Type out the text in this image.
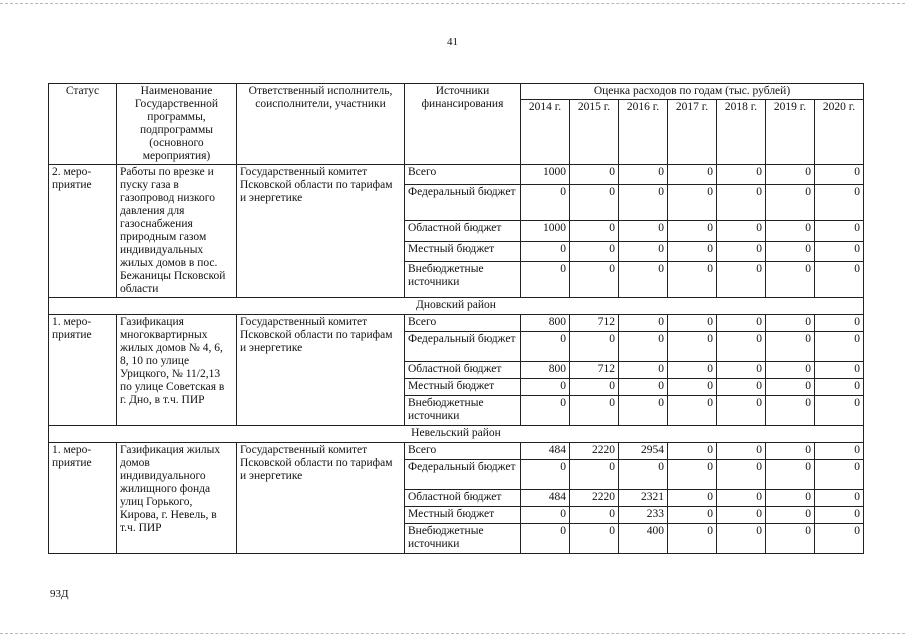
41
Статус	Наименование Государственной программы, подпрограммы (основного мероприятия)	Ответственный исполнитель, соисполнители, участники	Источники финансирования	Оценка расходов по годам (тыс. рублей)						
				2014 г.	2015 г.	2016 г.	2017 г.	2018 г.	2019 г.	2020 г.
2. меро-приятие	Работы по врезке и пуску газа в газопровод низкого давления для газоснабжения природным газом индивидуальных жилых домов в пос. Бежаницы Псковской области	Государственный комитет Псковской области по тарифам и энергетике	Всего	1000	0	0	0	0	0	0
			Федеральный бюджет	0	0	0	0	0	0	0
			Областной бюджет	1000	0	0	0	0	0	0
			Местный бюджет	0	0	0	0	0	0	0
			Внебюджетные источники	0	0	0	0	0	0	0
Дновский район										
1. меро-приятие	Газификация многоквартирных жилых домов № 4, 6, 8, 10 по улице Урицкого, № 11/2,13 по улице Советская в г. Дно, в т.ч. ПИР	Государственный комитет Псковской области по тарифам и энергетике	Всего	800	712	0	0	0	0	0
			Федеральный бюджет	0	0	0	0	0	0	0
			Областной бюджет	800	712	0	0	0	0	0
			Местный бюджет	0	0	0	0	0	0	0
			Внебюджетные источники	0	0	0	0	0	0	0
Невельский район										
1. меро-приятие	Газификация жилых домов индивидуального жилищного фонда улиц Горького, Кирова, г. Невель, в т.ч. ПИР	Государственный комитет Псковской области по тарифам и энергетике	Всего	484	2220	2954	0	0	0	0
			Федеральный бюджет	0	0	0	0	0	0	0
			Областной бюджет	484	2220	2321	0	0	0	0
			Местный бюджет	0	0	233	0	0	0	0
			Внебюджетные источники	0	0	400	0	0	0	0
93Д
